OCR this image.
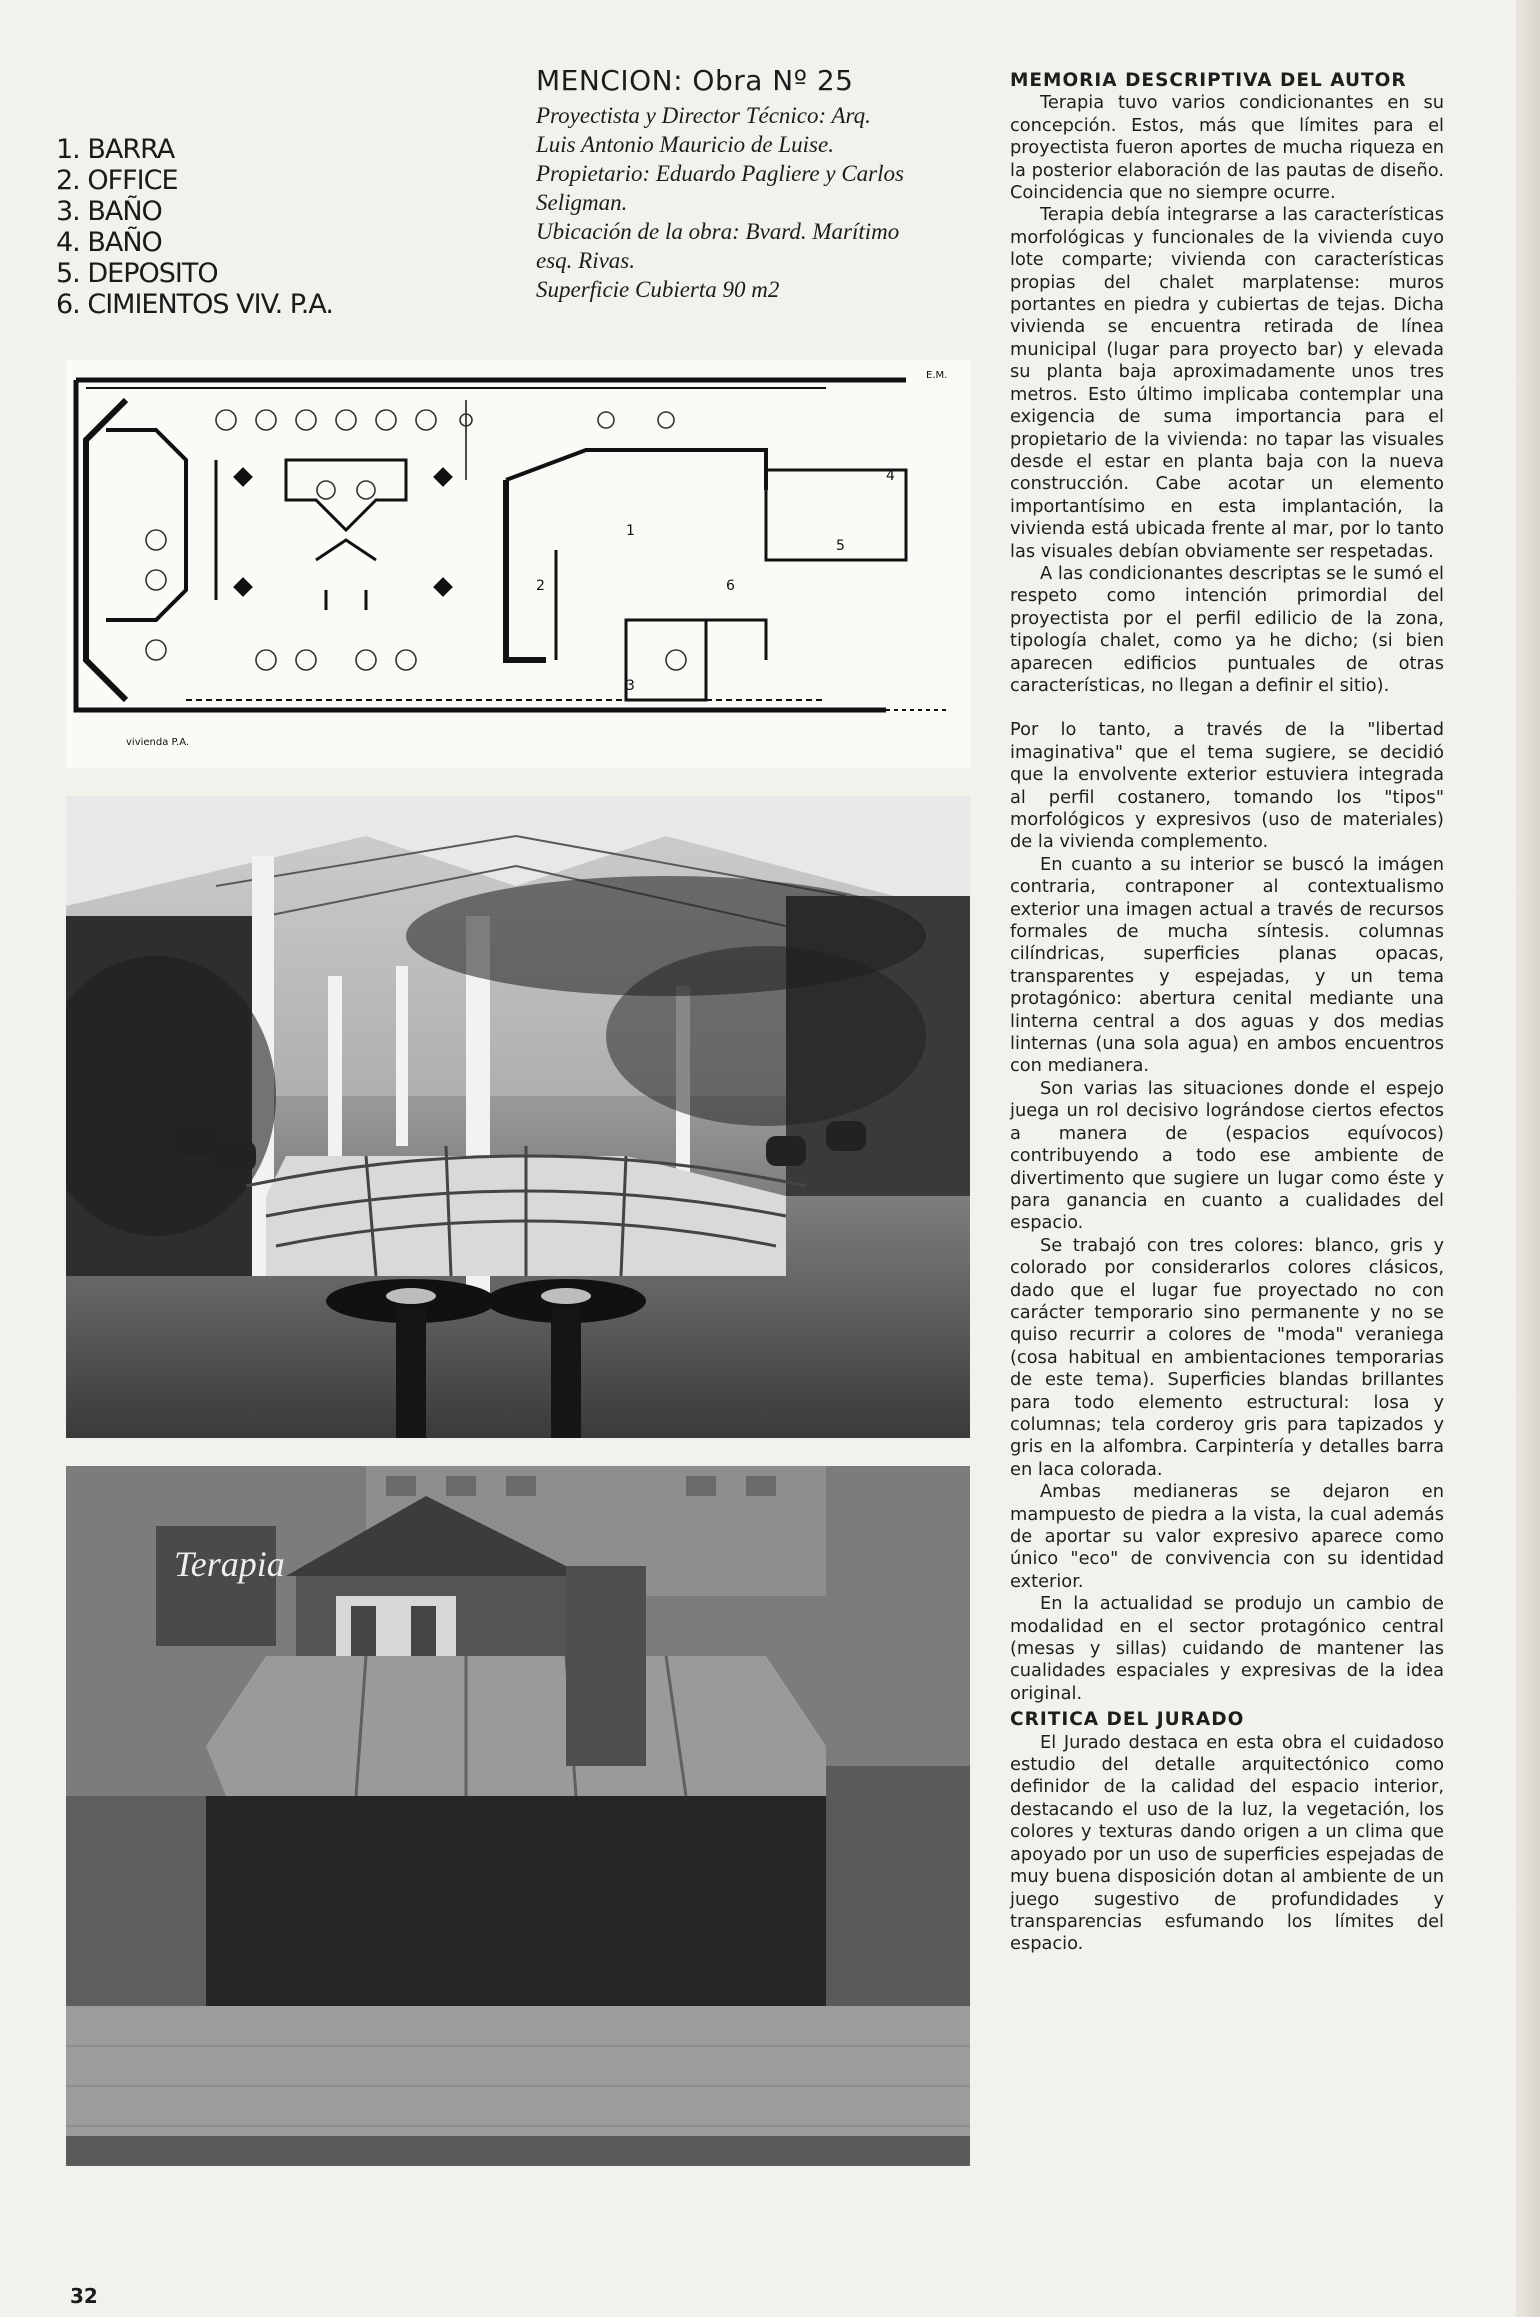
1. BARRA
2. OFFICE
3. BAÑO
4. BAÑO
5. DEPOSITO
6. CIMIENTOS VIV. P.A.
MENCION: Obra Nº 25

Proyectista y Director Técnico: Arq.

Luis Antonio Mauricio de Luise.

Propietario: Eduardo Pagliere y Carlos

Seligman.

Ubicación de la obra: Bvard. Marítimo

esq. Rivas.

Superficie Cubierta 90 m2

1
2
3
4
5
6
E.M.
vivienda P.A.
Terapia
MEMORIA DESCRIPTIVA DEL AUTOR

Terapia tuvo varios condicionantes en su concepción. Estos, más que límites para el proyectista fueron aportes de mucha riqueza en la posterior elaboración de las pautas de diseño. Coincidencia que no siempre ocurre.

Terapia debía integrarse a las características morfológicas y funcionales de la vivienda cuyo lote comparte; vivienda con características propias del chalet marplatense: muros portantes en piedra y cubiertas de tejas. Dicha vivienda se encuentra retirada de línea municipal (lugar para proyecto bar) y elevada su planta baja aproximadamente unos tres metros. Esto último implicaba contemplar una exigencia de suma importancia para el propietario de la vivienda: no tapar las visuales desde el estar en planta baja con la nueva construcción. Cabe acotar un elemento importantísimo en esta implantación, la vivienda está ubicada frente al mar, por lo tanto las visuales debían obviamente ser respetadas.

A las condicionantes descriptas se le sumó el respeto como intención primordial del proyectista por el perfil edilicio de la zona, tipología chalet, como ya he dicho; (si bien aparecen edificios puntuales de otras características, no llegan a definir el sitio).

Por lo tanto, a través de la "libertad imaginativa" que el tema sugiere, se decidió que la envolvente exterior estuviera integrada al perfil costanero, tomando los "tipos" morfológicos y expresivos (uso de materiales) de la vivienda complemento.

En cuanto a su interior se buscó la imágen contraria, contraponer al contextualismo exterior una imagen actual a través de recursos formales de mucha síntesis. columnas cilíndricas, superficies planas opacas, transparentes y espejadas, y un tema protagónico: abertura cenital mediante una linterna central a dos aguas y dos medias linternas (una sola agua) en ambos encuentros con medianera.

Son varias las situaciones donde el espejo juega un rol decisivo lográndose ciertos efectos a manera de (espacios equívocos) contribuyendo a todo ese ambiente de divertimento que sugiere un lugar como éste y para ganancia en cuanto a cualidades del espacio.

Se trabajó con tres colores: blanco, gris y colorado por considerarlos colores clásicos, dado que el lugar fue proyectado no con carácter temporario sino permanente y no se quiso recurrir a colores de "moda" veraniega (cosa habitual en ambientaciones temporarias de este tema). Superficies blandas brillantes para todo elemento estructural: losa y columnas; tela corderoy gris para tapizados y gris en la alfombra. Carpintería y detalles barra en laca colorada.

Ambas medianeras se dejaron en mampuesto de piedra a la vista, la cual además de aportar su valor expresivo aparece como único "eco" de convivencia con su identidad exterior.

En la actualidad se produjo un cambio de modalidad en el sector protagónico central (mesas y sillas) cuidando de mantener las cualidades espaciales y expresivas de la idea original.

CRITICA DEL JURADO

El Jurado destaca en esta obra el cuidadoso estudio del detalle arquitectónico como definidor de la calidad del espacio interior, destacando el uso de la luz, la vegetación, los colores y texturas dando origen a un clima que apoyado por un uso de superficies espejadas de muy buena disposición dotan al ambiente de un juego sugestivo de profundidades y transparencias esfumando los límites del espacio.

32
